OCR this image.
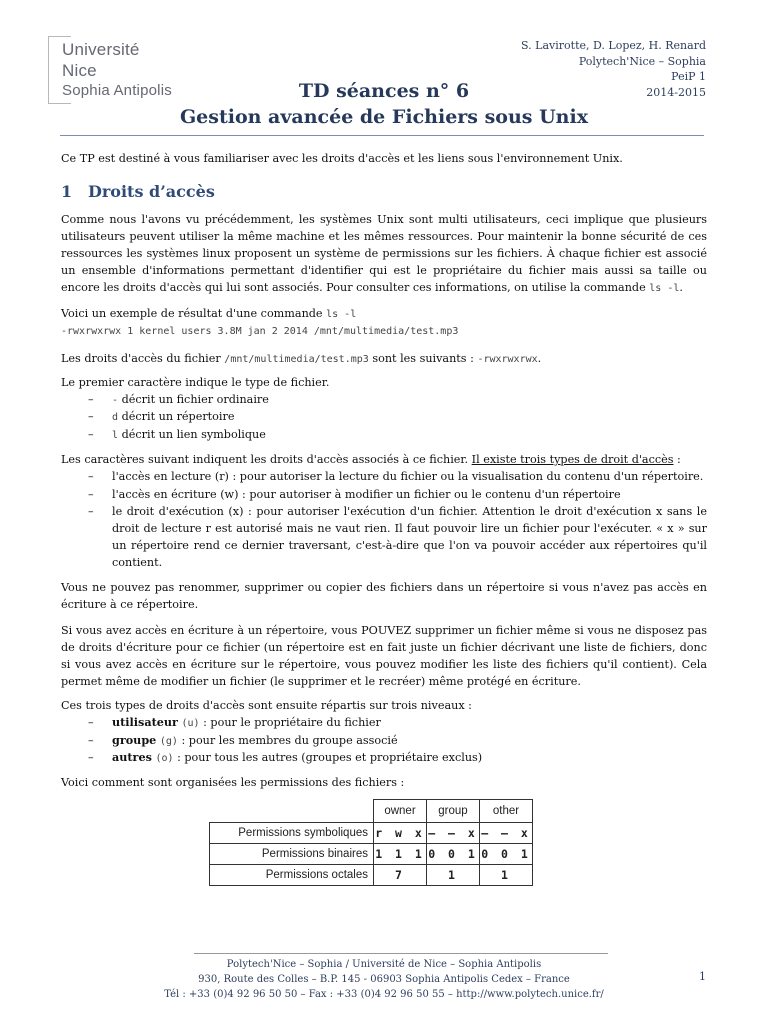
Université
Nice
Sophia Antipolis
S. Lavirotte, D. Lopez, H. Renard
Polytech'Nice – Sophia
PeiP 1
2014-2015
TD séances n° 6
Gestion avancée de Fichiers sous Unix
Ce TP est destiné à vous familiariser avec les droits d'accès et les liens sous l'environnement Unix.
1 Droits d’accès
Comme nous l'avons vu précédemment, les systèmes Unix sont multi utilisateurs, ceci implique que plusieurs utilisateurs peuvent utiliser la même machine et les mêmes ressources. Pour maintenir la bonne sécurité de ces ressources les systèmes linux proposent un système de permissions sur les fichiers. À chaque fichier est associé un ensemble d'informations permettant d'identifier qui est le propriétaire du fichier mais aussi sa taille ou encore les droits d'accès qui lui sont associés. Pour consulter ces informations, on utilise la commande ls -l.
Voici un exemple de résultat d'une commande ls -l
-rwxrwxrwx 1 kernel users 3.8M jan 2 2014 /mnt/multimedia/test.mp3
Les droits d'accès du fichier /mnt/multimedia/test.mp3 sont les suivants : -rwxrwxrwx.
Le premier caractère indique le type de fichier.
– - décrit un fichier ordinaire
– d décrit un répertoire
– l décrit un lien symbolique
Les caractères suivant indiquent les droits d'accès associés à ce fichier. Il existe trois types de droit d'accès :
–	l'accès en lecture (r) : pour autoriser la lecture du fichier ou la visualisation du contenu d'un répertoire.
–	l'accès en écriture (w) : pour autoriser à modifier un fichier ou le contenu d'un répertoire
–	le droit d'exécution (x) : pour autoriser l'exécution d'un fichier. Attention le droit d'exécution x sans le droit de lecture r est autorisé mais ne vaut rien. Il faut pouvoir lire un fichier pour l'exécuter. « x » sur un répertoire rend ce dernier traversant, c'est-à-dire que l'on va pouvoir accéder aux répertoires qu'il contient.
Vous ne pouvez pas renommer, supprimer ou copier des fichiers dans un répertoire si vous n'avez pas accès en écriture à ce répertoire.
Si vous avez accès en écriture à un répertoire, vous POUVEZ supprimer un fichier même si vous ne disposez pas de droits d'écriture pour ce fichier (un répertoire est en fait juste un fichier décrivant une liste de fichiers, donc si vous avez accès en écriture sur le répertoire, vous pouvez modifier les liste des fichiers qu'il contient). Cela permet même de modifier un fichier (le supprimer et le recréer) même protégé en écriture.
Ces trois types de droits d'accès sont ensuite répartis sur trois niveaux :
– utilisateur (u) : pour le propriétaire du fichier
– groupe (g) : pour les membres du groupe associé
– autres (o) : pour tous les autres (groupes et propriétaire exclus)
Voici comment sont organisées les permissions des fichiers :
	owner	group	other
Permissions symboliques	r w x	– – x	– – x
Permissions binaires	1 1 1	0 0 1	0 0 1
Permissions octales	7	1	1
Polytech'Nice – Sophia / Université de Nice – Sophia Antipolis
930, Route des Colles – B.P. 145 - 06903 Sophia Antipolis Cedex – France
Tél : +33 (0)4 92 96 50 50 – Fax : +33 (0)4 92 96 50 55 – http://www.polytech.unice.fr/
1
